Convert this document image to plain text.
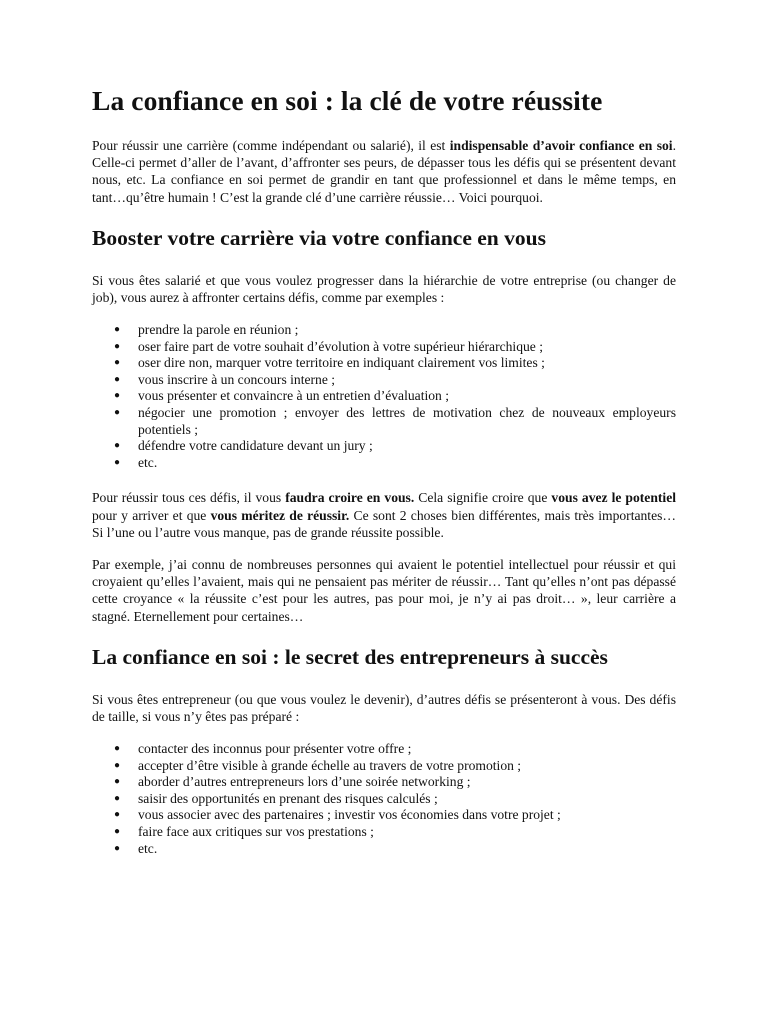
La confiance en soi : la clé de votre réussite

Pour réussir une carrière (comme indépendant ou salarié), il est indispensable d’avoir confiance en soi. Celle-ci permet d’aller de l’avant, d’affronter ses peurs, de dépasser tous les défis qui se présentent devant nous, etc. La confiance en soi permet de grandir en tant que professionnel et dans le même temps, en tant…qu’être humain ! C’est la grande clé d’une carrière réussie… Voici pourquoi.

Booster votre carrière via votre confiance en vous

Si vous êtes salarié et que vous voulez progresser dans la hiérarchie de votre entreprise (ou changer de job), vous aurez à affronter certains défis, comme par exemples :

● prendre la parole en réunion ;
● oser faire part de votre souhait d’évolution à votre supérieur hiérarchique ;
● oser dire non, marquer votre territoire en indiquant clairement vos limites ;
● vous inscrire à un concours interne ;
● vous présenter et convaincre à un entretien d’évaluation ;
● négocier une promotion ; envoyer des lettres de motivation chez de nouveaux employeurs potentiels ;
● défendre votre candidature devant un jury ;
● etc.

Pour réussir tous ces défis, il vous faudra croire en vous. Cela signifie croire que vous avez le potentiel pour y arriver et que vous méritez de réussir. Ce sont 2 choses bien différentes, mais très importantes… Si l’une ou l’autre vous manque, pas de grande réussite possible.

Par exemple, j’ai connu de nombreuses personnes qui avaient le potentiel intellectuel pour réussir et qui croyaient qu’elles l’avaient, mais qui ne pensaient pas mériter de réussir… Tant qu’elles n’ont pas dépassé cette croyance « la réussite c’est pour les autres, pas pour moi, je n’y ai pas droit… », leur carrière a stagné. Eternellement pour certaines…

La confiance en soi : le secret des entrepreneurs à succès

Si vous êtes entrepreneur (ou que vous voulez le devenir), d’autres défis se présenteront à vous. Des défis de taille, si vous n’y êtes pas préparé :

● contacter des inconnus pour présenter votre offre ;
● accepter d’être visible à grande échelle au travers de votre promotion ;
● aborder d’autres entrepreneurs lors d’une soirée networking ;
● saisir des opportunités en prenant des risques calculés ;
● vous associer avec des partenaires ; investir vos économies dans votre projet ;
● faire face aux critiques sur vos prestations ;
● etc.
